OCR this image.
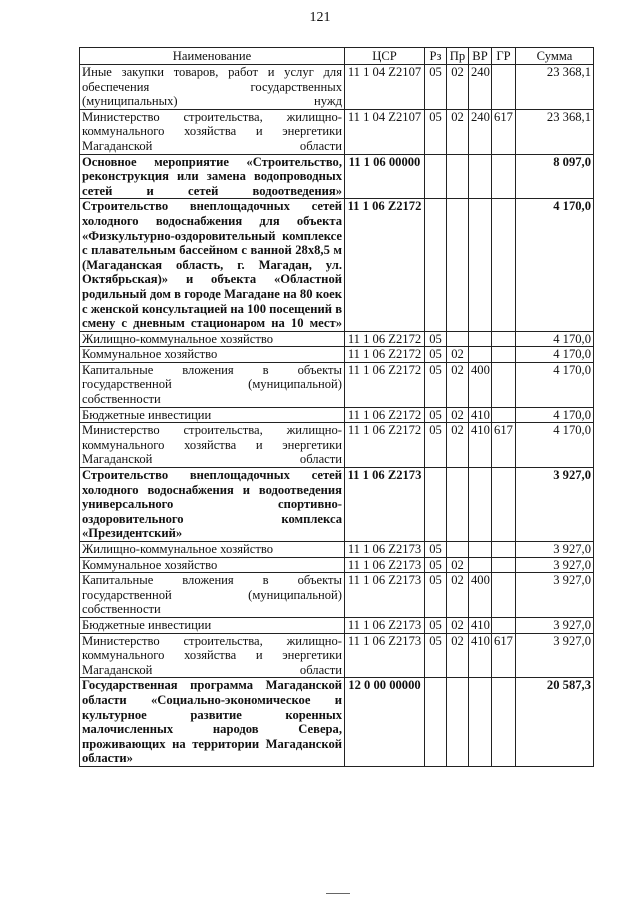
121
Наименование	ЦСР	Рз	Пр	ВР	ГР	Сумма
Иные закупки товаров, работ и услуг для обеспечения государственных (муниципальных) нужд	11 1 04 Z2107	05	02	240		23 368,1
Министерство строительства, жилищно-коммунального хозяйства и энергетики Магаданской области	11 1 04 Z2107	05	02	240	617	23 368,1
Основное мероприятие «Строительство, реконструкция или замена водопроводных сетей и сетей водоотведения»	11 1 06 00000					8 097,0
Строительство внеплощадочных сетей холодного водоснабжения для объекта «Физкультурно-оздоровительный комплексе с плавательным бассейном с ванной 28х8,5 м (Магаданская область, г. Магадан, ул. Октябрьская)» и объекта «Областной родильный дом в городе Магадане на 80 коек с женской консультацией на 100 посещений в смену с дневным стационаром на 10 мест»	11 1 06 Z2172					4 170,0
Жилищно-коммунальное хозяйство	11 1 06 Z2172	05				4 170,0
Коммунальное хозяйство	11 1 06 Z2172	05	02			4 170,0
Капитальные вложения в объекты государственной (муниципальной) собственности	11 1 06 Z2172	05	02	400		4 170,0
Бюджетные инвестиции	11 1 06 Z2172	05	02	410		4 170,0
Министерство строительства, жилищно-коммунального хозяйства и энергетики Магаданской области	11 1 06 Z2172	05	02	410	617	4 170,0
Строительство внеплощадочных сетей холодного водоснабжения и водоотведения универсального спортивно-оздоровительного комплекса «Президентский»	11 1 06 Z2173					3 927,0
Жилищно-коммунальное хозяйство	11 1 06 Z2173	05				3 927,0
Коммунальное хозяйство	11 1 06 Z2173	05	02			3 927,0
Капитальные вложения в объекты государственной (муниципальной) собственности	11 1 06 Z2173	05	02	400		3 927,0
Бюджетные инвестиции	11 1 06 Z2173	05	02	410		3 927,0
Министерство строительства, жилищно-коммунального хозяйства и энергетики Магаданской области	11 1 06 Z2173	05	02	410	617	3 927,0
Государственная программа Магаданской области «Социально-экономическое и культурное развитие коренных малочисленных народов Севера, проживающих на территории Магаданской области»	12 0 00 00000					20 587,3
